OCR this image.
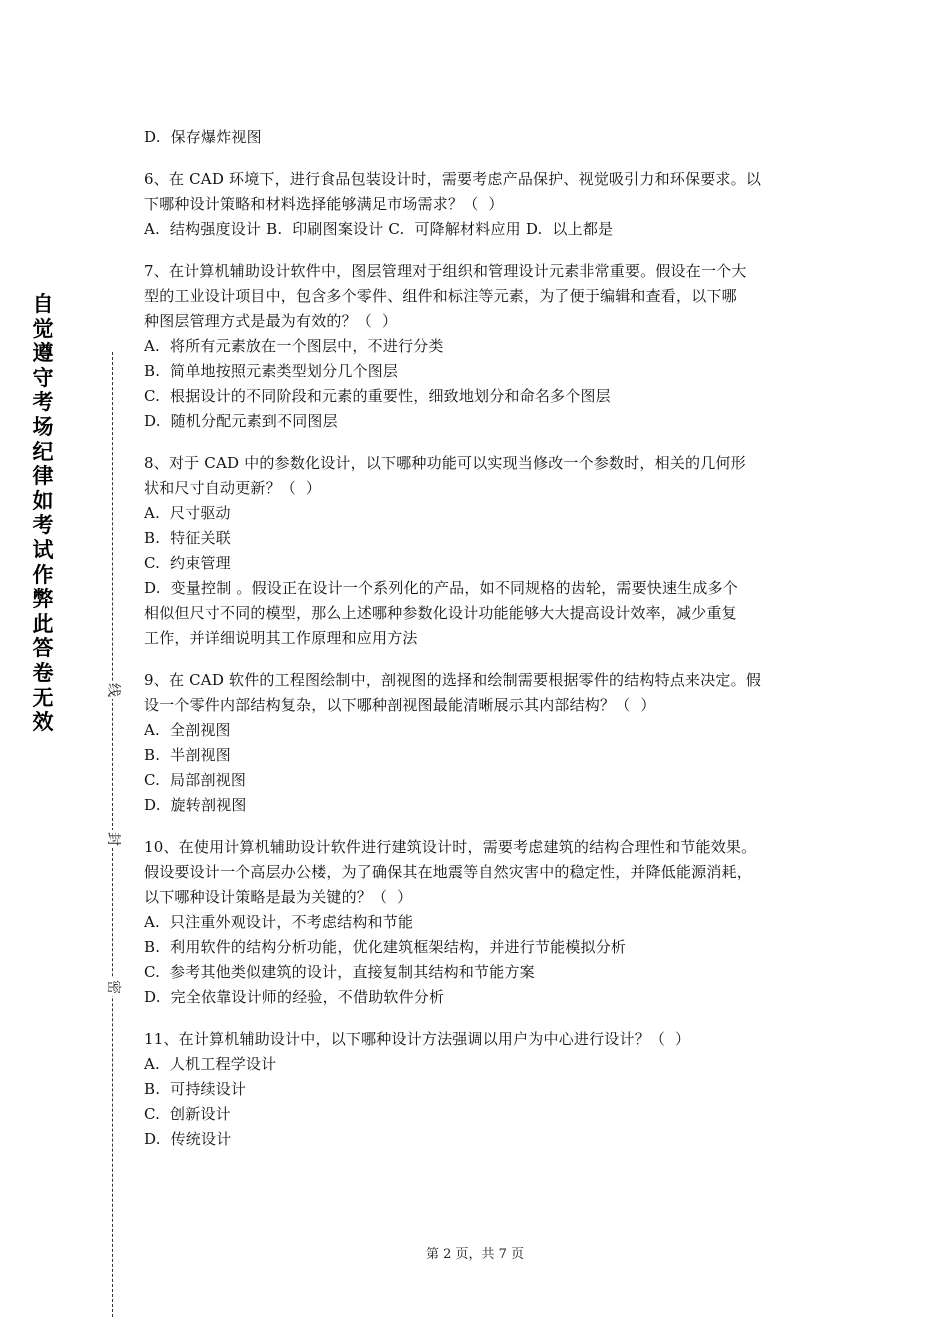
自
觉
遵
守
考
场
纪
律
如
考
试
作
弊
此
答
卷
无
效
线
封
密
D.  保存爆炸视图
6、在 CAD 环境下，进行食品包装设计时，需要考虑产品保护、视觉吸引力和环保要求。以
下哪种设计策略和材料选择能够满足市场需求？（  ）
A.  结构强度设计 B.  印刷图案设计 C.  可降解材料应用 D.  以上都是
7、在计算机辅助设计软件中，图层管理对于组织和管理设计元素非常重要。假设在一个大
型的工业设计项目中，包含多个零件、组件和标注等元素，为了便于编辑和查看，以下哪
种图层管理方式是最为有效的？（  ）
A.  将所有元素放在一个图层中，不进行分类
B.  简单地按照元素类型划分几个图层
C.  根据设计的不同阶段和元素的重要性，细致地划分和命名多个图层
D.  随机分配元素到不同图层
8、对于 CAD 中的参数化设计，以下哪种功能可以实现当修改一个参数时，相关的几何形
状和尺寸自动更新？（  ）
A.  尺寸驱动
B.  特征关联
C.  约束管理
D.  变量控制 。假设正在设计一个系列化的产品，如不同规格的齿轮，需要快速生成多个
相似但尺寸不同的模型，那么上述哪种参数化设计功能能够大大提高设计效率，减少重复
工作，并详细说明其工作原理和应用方法
9、在 CAD 软件的工程图绘制中，剖视图的选择和绘制需要根据零件的结构特点来决定。假
设一个零件内部结构复杂，以下哪种剖视图最能清晰展示其内部结构？（  ）
A.  全剖视图
B.  半剖视图
C.  局部剖视图
D.  旋转剖视图
10、在使用计算机辅助设计软件进行建筑设计时，需要考虑建筑的结构合理性和节能效果。
假设要设计一个高层办公楼，为了确保其在地震等自然灾害中的稳定性，并降低能源消耗，
以下哪种设计策略是最为关键的？（  ）
A.  只注重外观设计，不考虑结构和节能
B.  利用软件的结构分析功能，优化建筑框架结构，并进行节能模拟分析
C.  参考其他类似建筑的设计，直接复制其结构和节能方案
D.  完全依靠设计师的经验，不借助软件分析
11、在计算机辅助设计中，以下哪种设计方法强调以用户为中心进行设计？（  ）
A.  人机工程学设计
B.  可持续设计
C.  创新设计
D.  传统设计
第 2 页，共 7 页
